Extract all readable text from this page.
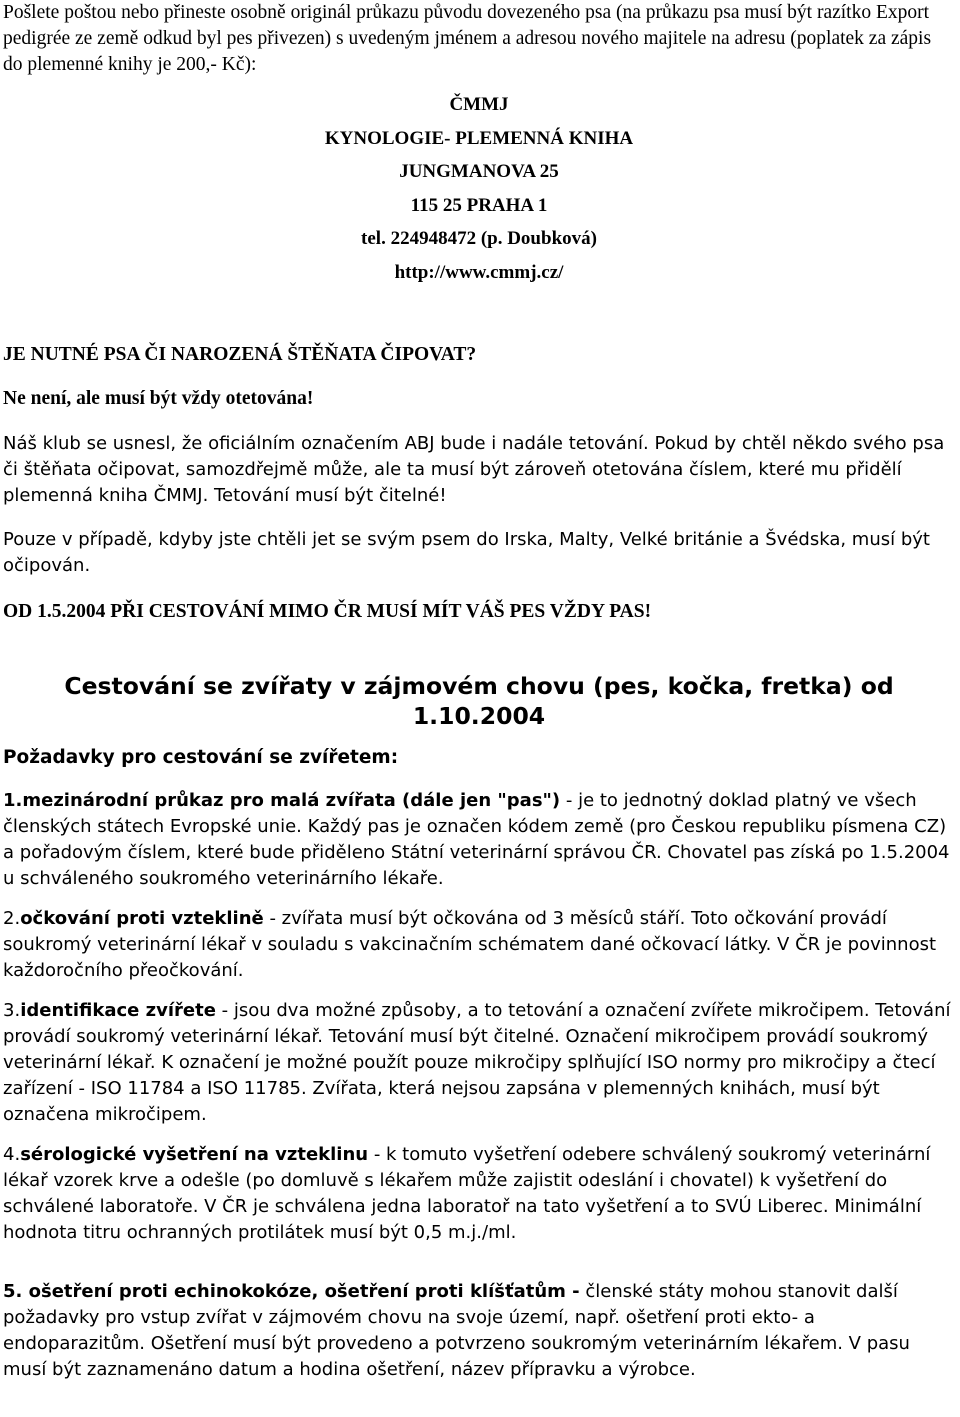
Pošlete poštou nebo přineste osobně originál průkazu původu dovezeného psa (na průkazu psa musí být razítko Export pedigrée ze země odkud byl pes přivezen) s uvedeným jménem a adresou nového majitele na adresu (poplatek za zápis do plemenné knihy je 200,- Kč):

ČMMJ
KYNOLOGIE- PLEMENNÁ KNIHA
JUNGMANOVA 25
115 25 PRAHA 1
tel. 224948472 (p. Doubková)
http://www.cmmj.cz/

JE NUTNÉ PSA ČI NAROZENÁ ŠTĚŇATA ČIPOVAT?

Ne není, ale musí být vždy otetována!

Náš klub se usnesl, že oficiálním označením ABJ bude i nadále tetování. Pokud by chtěl někdo svého psa či štěňata očipovat, samozdřejmě může, ale ta musí být zároveň otetována číslem, které mu přidělí plemenná kniha ČMMJ. Tetování musí být čitelné!

Pouze v případě, kdyby jste chtěli jet se svým psem do Irska, Malty, Velké británie a Švédska, musí být očipován.

OD 1.5.2004 PŘI CESTOVÁNÍ MIMO ČR MUSÍ MÍT VÁŠ PES VŽDY PAS!

Cestování se zvířaty v zájmovém chovu (pes, kočka, fretka) od 1.10.2004

Požadavky pro cestování se zvířetem:

1.mezinárodní průkaz pro malá zvířata (dále jen "pas") - je to jednotný doklad platný ve všech členských státech Evropské unie. Každý pas je označen kódem země (pro Českou republiku písmena CZ) a pořadovým číslem, které bude přiděleno Státní veterinární správou ČR. Chovatel pas získá po 1.5.2004 u schváleného soukromého veterinárního lékaře.

2.očkování proti vzteklině - zvířata musí být očkována od 3 měsíců stáří. Toto očkování provádí soukromý veterinární lékař v souladu s vakcinačním schématem dané očkovací látky. V ČR je povinnost každoročního přeočkování.

3.identifikace zvířete - jsou dva možné způsoby, a to tetování a označení zvířete mikročipem. Tetování provádí soukromý veterinární lékař. Tetování musí být čitelné. Označení mikročipem provádí soukromý veterinární lékař. K označení je možné použít pouze mikročipy splňující ISO normy pro mikročipy a čtecí zařízení - ISO 11784 a ISO 11785. Zvířata, která nejsou zapsána v plemenných knihách, musí být označena mikročipem.

4.sérologické vyšetření na vzteklinu - k tomuto vyšetření odebere schválený soukromý veterinární lékař vzorek krve a odešle (po domluvě s lékařem může zajistit odeslání i chovatel) k vyšetření do schválené laboratoře. V ČR je schválena jedna laboratoř na tato vyšetření a to SVÚ Liberec. Minimální hodnota titru ochranných protilátek musí být 0,5 m.j./ml.

5. ošetření proti echinokokóze, ošetření proti klíšťatům - členské státy mohou stanovit další požadavky pro vstup zvířat v zájmovém chovu na svoje území, např. ošetření proti ekto- a endoparazitům. Ošetření musí být provedeno a potvrzeno soukromým veterinárním lékařem. V pasu musí být zaznamenáno datum a hodina ošetření, název přípravku a výrobce.
